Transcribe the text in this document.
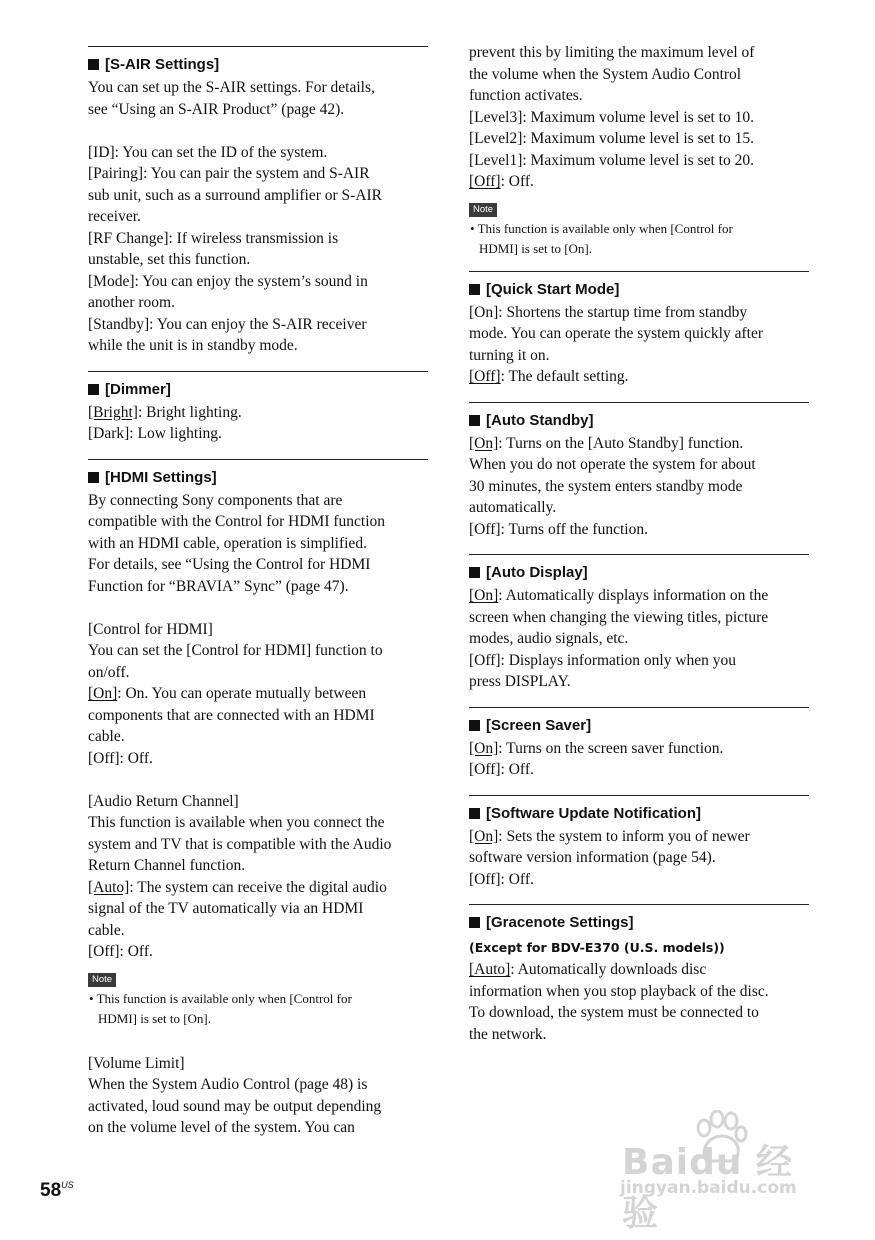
[S-AIR Settings]

You can set up the S-AIR settings. For details,

see “Using an S-AIR Product” (page 42).

[ID]: You can set the ID of the system.

[Pairing]: You can pair the system and S-AIR

sub unit, such as a surround amplifier or S-AIR

receiver.

[RF Change]: If wireless transmission is

unstable, set this function.

[Mode]: You can enjoy the system’s sound in

another room.

[Standby]: You can enjoy the S-AIR receiver

while the unit is in standby mode.

[Dimmer]

[Bright]: Bright lighting.

[Dark]: Low lighting.

[HDMI Settings]

By connecting Sony components that are

compatible with the Control for HDMI function

with an HDMI cable, operation is simplified.

For details, see “Using the Control for HDMI

Function for “BRAVIA” Sync” (page 47).

[Control for HDMI]

You can set the [Control for HDMI] function to

on/off.

[On]: On. You can operate mutually between

components that are connected with an HDMI

cable.

[Off]: Off.

[Audio Return Channel]

This function is available when you connect the

system and TV that is compatible with the Audio

Return Channel function.

[Auto]: The system can receive the digital audio

signal of the TV automatically via an HDMI

cable.

[Off]: Off.

Note
• This function is available only when [Control for
HDMI] is set to [On].

[Volume Limit]

When the System Audio Control (page 48) is

activated, loud sound may be output depending

on the volume level of the system. You can

prevent this by limiting the maximum level of

the volume when the System Audio Control

function activates.

[Level3]: Maximum volume level is set to 10.

[Level2]: Maximum volume level is set to 15.

[Level1]: Maximum volume level is set to 20.

[Off]: Off.

Note
• This function is available only when [Control for
HDMI] is set to [On].
[Quick Start Mode]

[On]: Shortens the startup time from standby

mode. You can operate the system quickly after

turning it on.

[Off]: The default setting.

[Auto Standby]

[On]: Turns on the [Auto Standby] function.

When you do not operate the system for about

30 minutes, the system enters standby mode

automatically.

[Off]: Turns off the function.

[Auto Display]

[On]: Automatically displays information on the

screen when changing the viewing titles, picture

modes, audio signals, etc.

[Off]: Displays information only when you

press DISPLAY.

[Screen Saver]

[On]: Turns on the screen saver function.

[Off]: Off.

[Software Update Notification]

[On]: Sets the system to inform you of newer

software version information (page 54).

[Off]: Off.

[Gracenote Settings]
(Except for BDV-E370 (U.S. models))

[Auto]: Automatically downloads disc

information when you stop playback of the disc.

To download, the system must be connected to

the network.

$58^{US}$
Baidu 经验
jingyan.baidu.com
